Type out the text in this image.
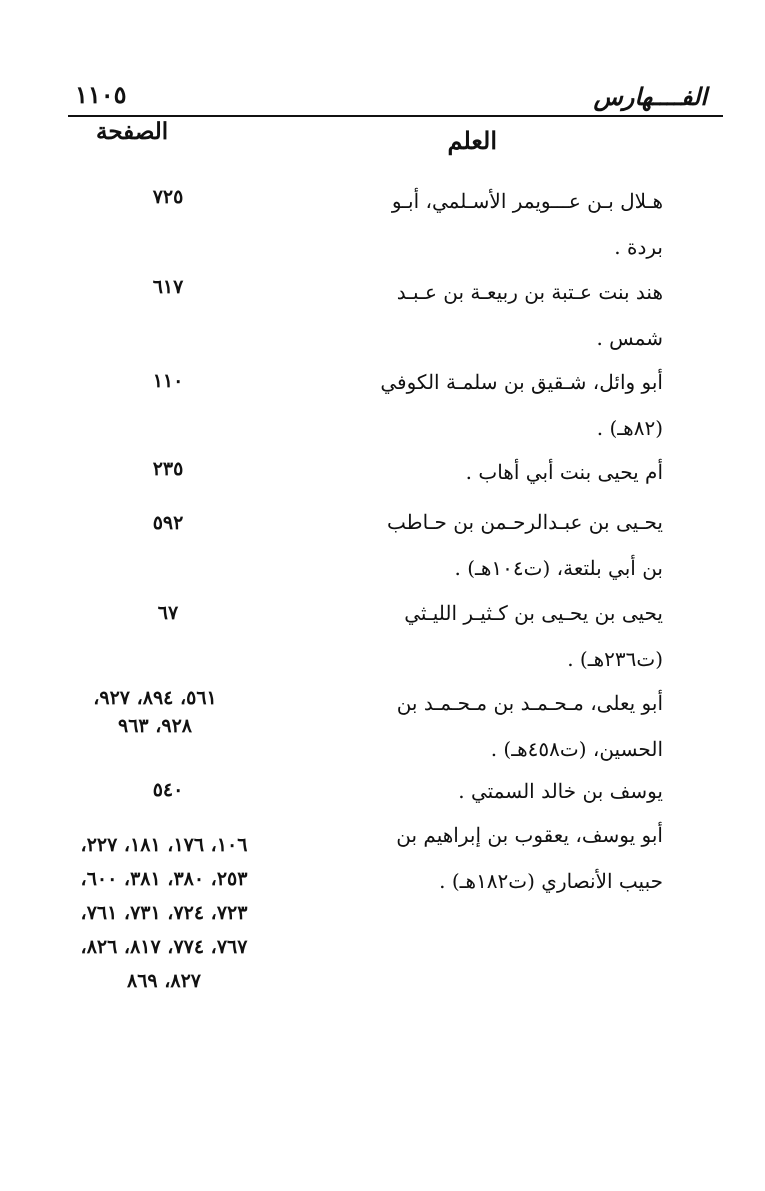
الفــــهارس
١١٠٥
العلم
الصفحة
هـلال بـن عـــويمر الأسـلمي، أبـو بردة .
٧٢٥
هند بنت عـتبة بن ربيعـة بن عـبـد شمس .
٦١٧
أبو وائل، شـقيق بن سلمـة الكوفي (٨٢هـ) .
١١٠
أم يحيى بنت أبي أهاب .
٢٣٥
يحـيى بن عبـدالرحـمن بن حـاطب بن أبي بلتعة، (ت١٠٤هـ) .
٥٩٢
يحيى بن يحـيى بن كـثيـر الليـثي (ت٢٣٦هـ) .
٦٧
أبو يعلى، مـحـمـد بن مـحـمـد بن الحسين، (ت٤٥٨هـ) .
٥٦١، ٨٩٤، ٩٢٧، ٩٢٨، ٩٦٣
يوسف بن خالد السمتي .
٥٤٠
أبو يوسف، يعقوب بن إبراهيم بن حبيب الأنصاري (ت١٨٢هـ) .
١٠٦، ١٧٦، ١٨١، ٢٢٧، ٢٥٣، ٣٨٠، ٣٨١، ٦٠٠، ٧٢٣، ٧٢٤، ٧٣١، ٧٦١، ٧٦٧، ٧٧٤، ٨١٧، ٨٢٦، ٨٢٧، ٨٦٩
